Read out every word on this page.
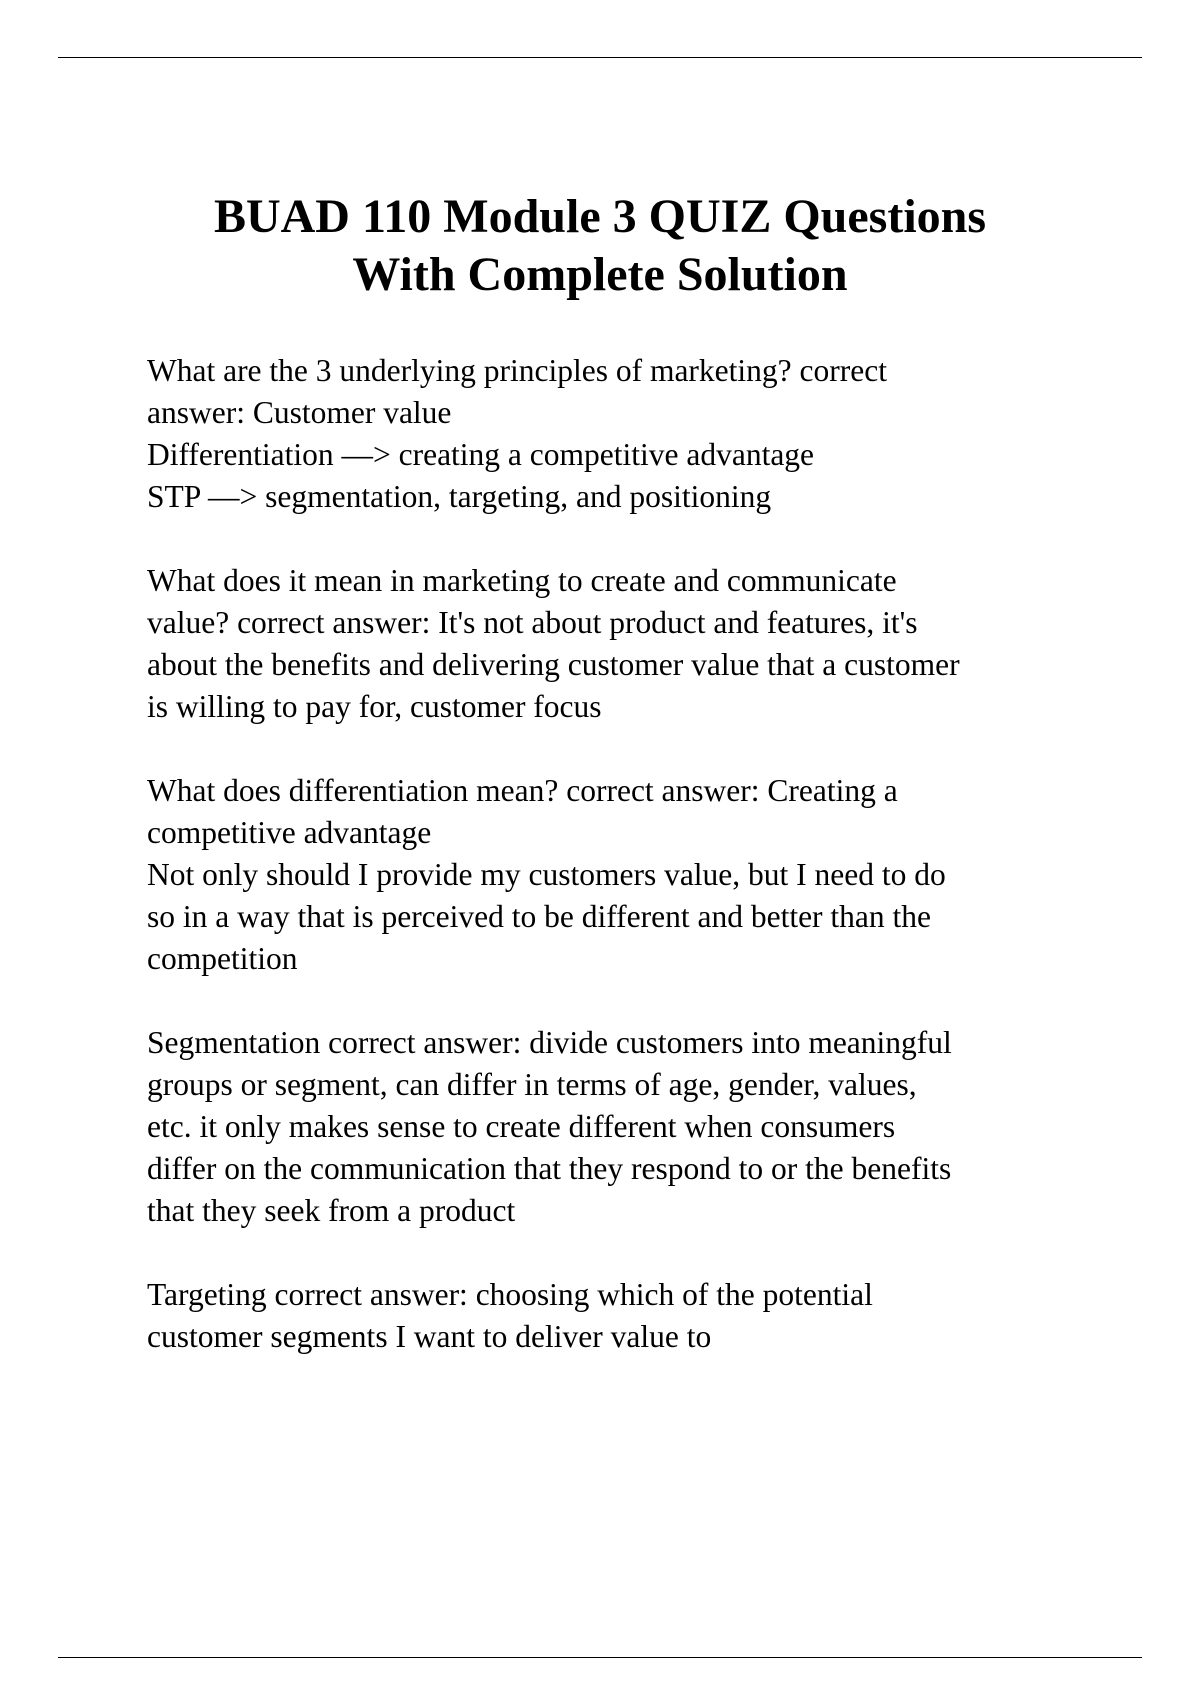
BUAD 110 Module 3 QUIZ Questions
With Complete Solution
What are the 3 underlying principles of marketing? correct
answer: Customer value
Differentiation —> creating a competitive advantage
STP —> segmentation, targeting, and positioning
What does it mean in marketing to create and communicate
value? correct answer: It's not about product and features, it's
about the benefits and delivering customer value that a customer
is willing to pay for, customer focus
What does differentiation mean? correct answer: Creating a
competitive advantage
Not only should I provide my customers value, but I need to do
so in a way that is perceived to be different and better than the
competition
Segmentation correct answer: divide customers into meaningful
groups or segment, can differ in terms of age, gender, values,
etc. it only makes sense to create different when consumers
differ on the communication that they respond to or the benefits
that they seek from a product
Targeting correct answer: choosing which of the potential
customer segments I want to deliver value to
